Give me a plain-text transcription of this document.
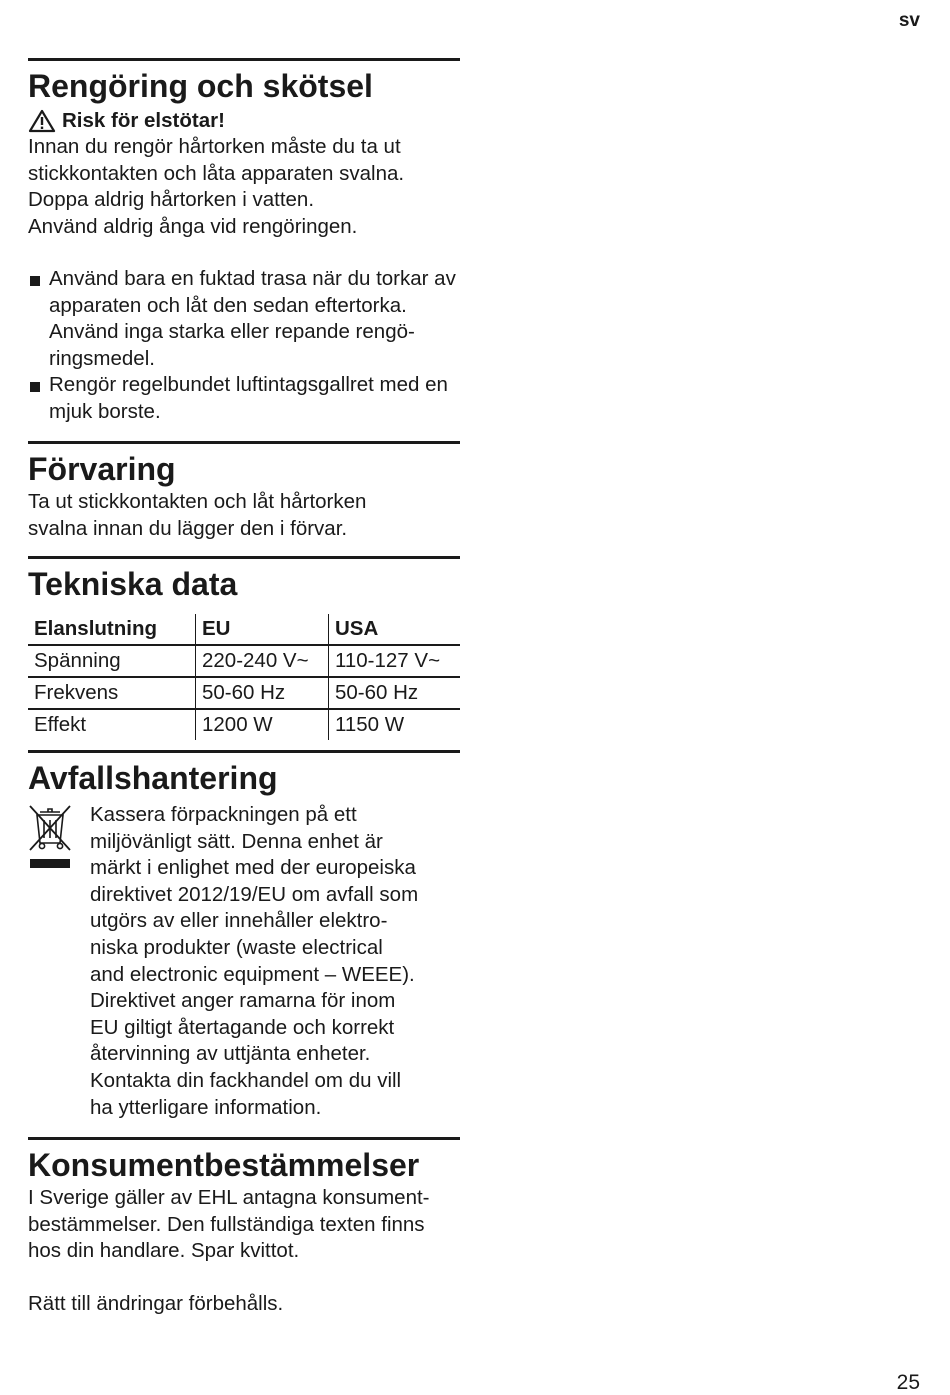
sv
Rengöring och skötsel
Risk för elstötar!

Innan du rengör hårtorken måste du ta ut

stickkontakten och låta apparaten svalna.

Doppa aldrig hårtorken i vatten.

Använd aldrig ånga vid rengöringen.

Använd bara en fuktad trasa när du torkar av apparaten och låt den sedan eftertorka. Använd inga starka eller repande rengö-ringsmedel.
Rengör regelbundet luftintagsgallret med en mjuk borste.
Förvaring

Ta ut stickkontakten och låt hårtorken svalna innan du lägger den i förvar.

Tekniska data
Elanslutning	EU	USA
Spänning	220-240 V~	110-127 V~
Frekvens	50-60 Hz	50-60 Hz
Effekt	1200 W	1150 W
Avfallshantering

Kassera förpackningen på ett

miljövänligt sätt. Denna enhet är

märkt i enlighet med der europeiska

direktivet 2012/19/EU om avfall som

utgörs av eller innehåller elektro-

niska produkter (waste electrical

and electronic equipment – WEEE).

Direktivet anger ramarna för inom

EU giltigt återtagande och korrekt

återvinning av uttjänta enheter.

Kontakta din fackhandel om du vill

ha ytterligare information.

Konsumentbestämmelser

I Sverige gäller av EHL antagna konsument-

bestämmelser. Den fullständiga texten finns

hos din handlare. Spar kvittot.

Rätt till ändringar förbehålls.

25
